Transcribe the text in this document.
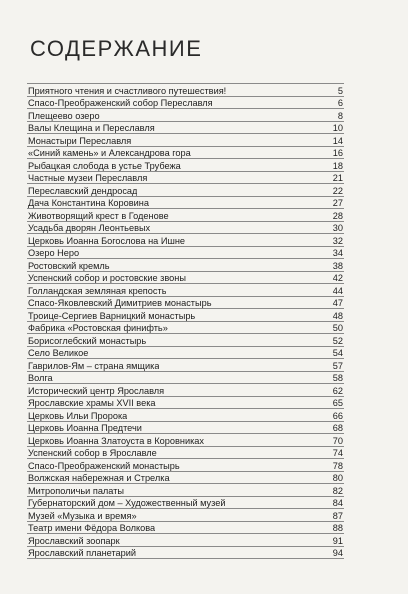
СОДЕРЖАНИЕ
Приятного чтения и счастливого путешествия!	5
Спасо-Преображенский собор Переславля	6
Плещеево озеро	8
Валы Клещина и Переславля	10
Монастыри Переславля	14
«Синий камень» и Александрова гора	16
Рыбацкая слобода в устье Трубежа	18
Частные музеи Переславля	21
Переславский дендросад	22
Дача Константина Коровина	27
Животворящий крест в Годенове	28
Усадьба дворян Леонтьевых	30
Церковь Иоанна Богослова на Ишне	32
Озеро Неро	34
Ростовский кремль	38
Успенский собор и ростовские звоны	42
Голландская земляная крепость	44
Спасо-Яковлевский Димитриев монастырь	47
Троице-Сергиев Варницкий монастырь	48
Фабрика «Ростовская финифть»	50
Борисоглебский монастырь	52
Село Великое	54
Гаврилов-Ям – страна ямщика	57
Волга	58
Исторический центр Ярославля	62
Ярославские храмы XVII века	65
Церковь Ильи Пророка	66
Церковь Иоанна Предтечи	68
Церковь Иоанна Златоуста в Коровниках	70
Успенский собор в Ярославле	74
Спасо-Преображенский монастырь	78
Волжская набережная и Стрелка	80
Митрополичьи палаты	82
Губернаторский дом – Художественный музей	84
Музей «Музыка и время»	87
Театр имени Фёдора Волкова	88
Ярославский зоопарк	91
Ярославский планетарий	94
